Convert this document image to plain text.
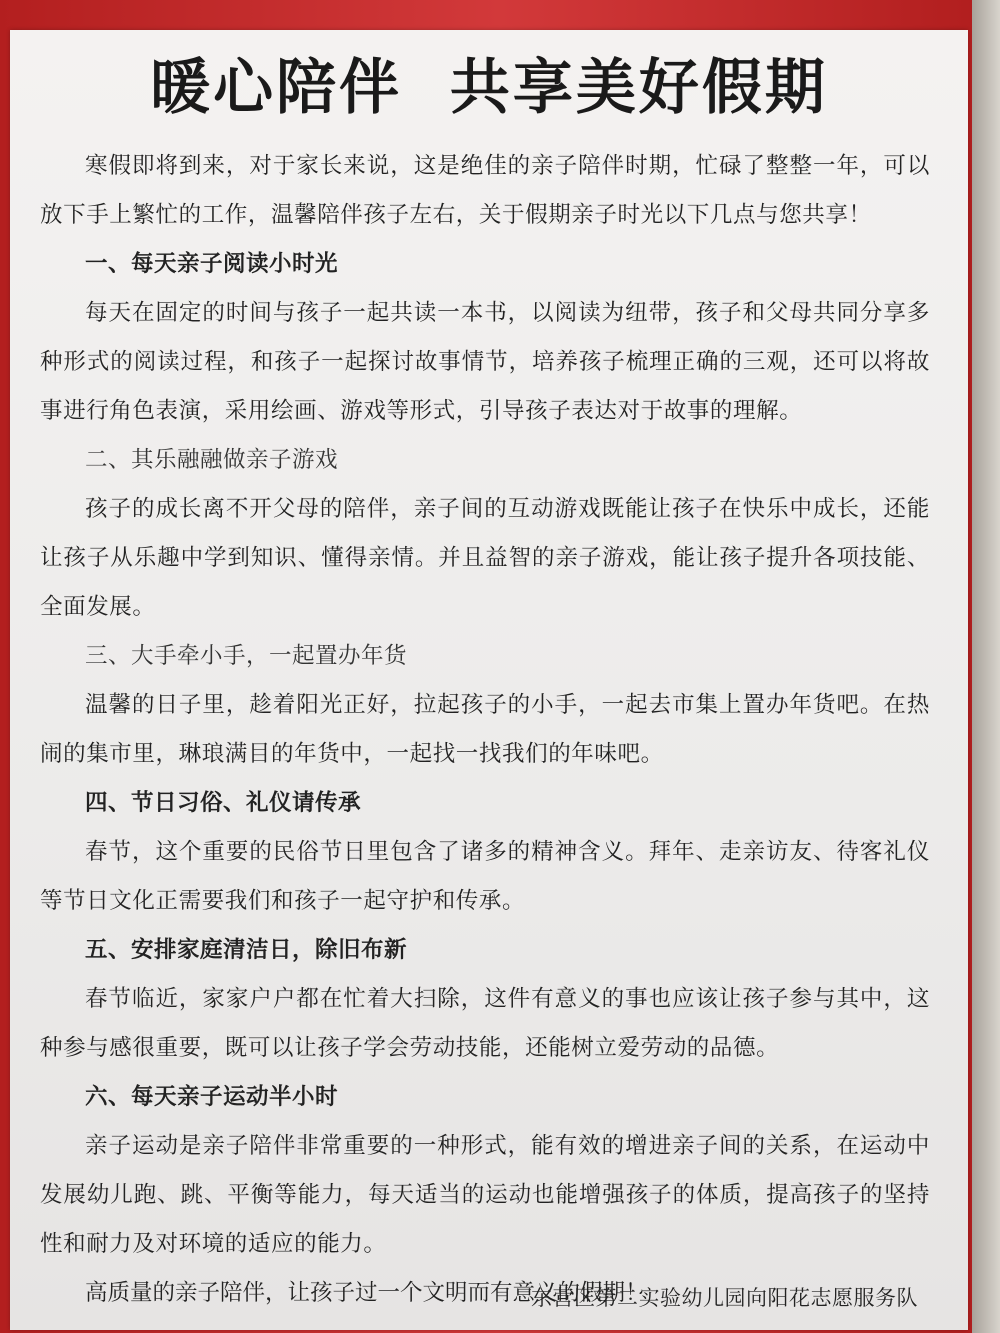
暖心陪伴  共享美好假期

寒假即将到来，对于家长来说，这是绝佳的亲子陪伴时期，忙碌了整整一年，可以放下手上繁忙的工作，温馨陪伴孩子左右，关于假期亲子时光以下几点与您共享！

一、每天亲子阅读小时光

每天在固定的时间与孩子一起共读一本书，以阅读为纽带，孩子和父母共同分享多种形式的阅读过程，和孩子一起探讨故事情节，培养孩子梳理正确的三观，还可以将故事进行角色表演，采用绘画、游戏等形式，引导孩子表达对于故事的理解。

二、其乐融融做亲子游戏

孩子的成长离不开父母的陪伴，亲子间的互动游戏既能让孩子在快乐中成长，还能让孩子从乐趣中学到知识、懂得亲情。并且益智的亲子游戏，能让孩子提升各项技能、全面发展。

三、大手牵小手，一起置办年货

温馨的日子里，趁着阳光正好，拉起孩子的小手，一起去市集上置办年货吧。在热闹的集市里，琳琅满目的年货中，一起找一找我们的年味吧。

四、节日习俗、礼仪请传承

春节，这个重要的民俗节日里包含了诸多的精神含义。拜年、走亲访友、待客礼仪等节日文化正需要我们和孩子一起守护和传承。

五、安排家庭清洁日，除旧布新

春节临近，家家户户都在忙着大扫除，这件有意义的事也应该让孩子参与其中，这种参与感很重要，既可以让孩子学会劳动技能，还能树立爱劳动的品德。

六、每天亲子运动半小时

亲子运动是亲子陪伴非常重要的一种形式，能有效的增进亲子间的关系，在运动中发展幼儿跑、跳、平衡等能力，每天适当的运动也能增强孩子的体质，提高孩子的坚持性和耐力及对环境的适应的能力。

高质量的亲子陪伴，让孩子过一个文明而有意义的假期！

东营区第二实验幼儿园向阳花志愿服务队
